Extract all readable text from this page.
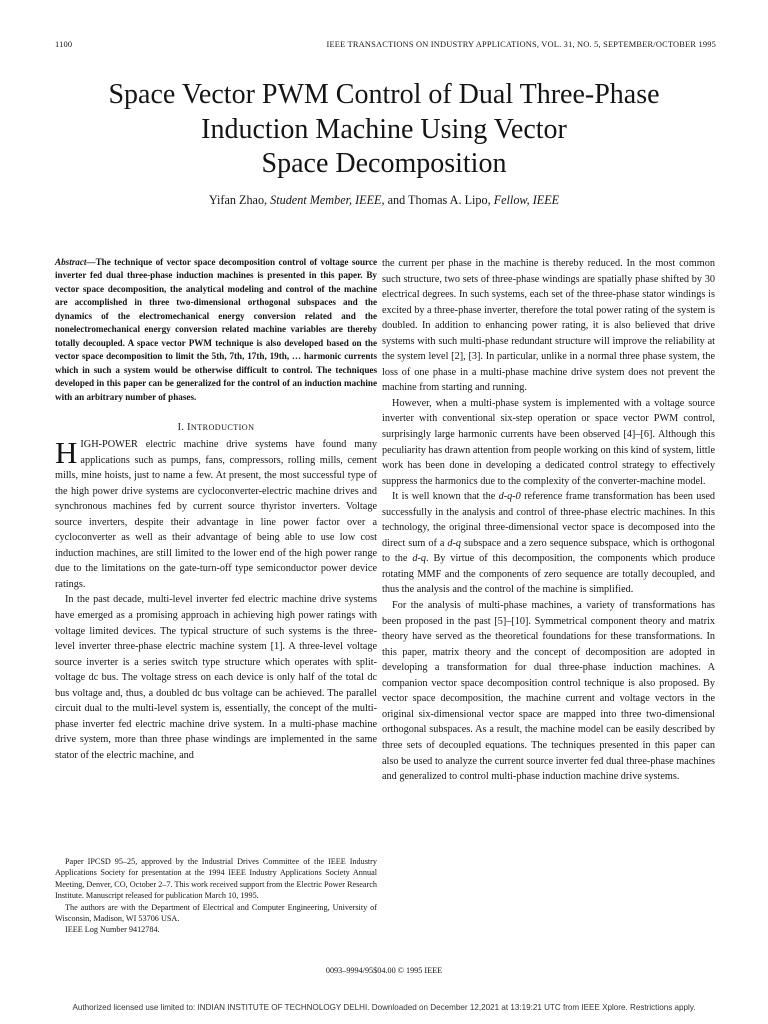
1100	IEEE TRANSACTIONS ON INDUSTRY APPLICATIONS, VOL. 31, NO. 5, SEPTEMBER/OCTOBER 1995
Space Vector PWM Control of Dual Three-Phase
Induction Machine Using Vector
Space Decomposition
Yifan Zhao, Student Member, IEEE, and Thomas A. Lipo, Fellow, IEEE

Abstract—The technique of vector space decomposition control of voltage source inverter fed dual three-phase induction machines is presented in this paper. By vector space decomposition, the analytical modeling and control of the machine are accomplished in three two-dimensional orthogonal subspaces and the dynamics of the electromechanical energy conversion related and the nonelectromechanical energy conversion related machine variables are thereby totally decoupled. A space vector PWM technique is also developed based on the vector space decomposition to limit the 5th, 7th, 17th, 19th, … harmonic currents which in such a system would be otherwise difficult to control. The techniques developed in this paper can be generalized for the control of an induction machine with an arbitrary number of phases.

I. INTRODUCTION

HIGH-POWER electric machine drive systems have found many applications such as pumps, fans, compressors, rolling mills, cement mills, mine hoists, just to name a few. At present, the most successful type of the high power drive systems are cycloconverter-electric machine drives and synchronous machines fed by current source thyristor inverters. Voltage source inverters, despite their advantage in line power factor over a cycloconverter as well as their advantage of being able to use low cost induction machines, are still limited to the lower end of the high power range due to the limitations on the gate-turn-off type semiconductor power device ratings.

In the past decade, multi-level inverter fed electric machine drive systems have emerged as a promising approach in achieving high power ratings with voltage limited devices. The typical structure of such systems is the three-level inverter three-phase electric machine system [1]. A three-level voltage source inverter is a series switch type structure which operates with split-voltage dc bus. The voltage stress on each device is only half of the total dc bus voltage and, thus, a doubled dc bus voltage can be achieved. The parallel circuit dual to the multi-level system is, essentially, the concept of the multi-phase inverter fed electric machine drive system. In a multi-phase machine drive system, more than three phase windings are implemented in the same stator of the electric machine, and

Paper IPCSD 95–25, approved by the Industrial Drives Committee of the IEEE Industry Applications Society for presentation at the 1994 IEEE Industry Applications Society Annual Meeting, Denver, CO, October 2–7. This work received support from the Electric Power Research Institute. Manuscript released for publication March 10, 1995.

The authors are with the Department of Electrical and Computer Engineering, University of Wisconsin, Madison, WI 53706 USA.

IEEE Log Number 9412784.

the current per phase in the machine is thereby reduced. In the most common such structure, two sets of three-phase windings are spatially phase shifted by 30 electrical degrees. In such systems, each set of the three-phase stator windings is excited by a three-phase inverter, therefore the total power rating of the system is doubled. In addition to enhancing power rating, it is also believed that drive systems with such multi-phase redundant structure will improve the reliability at the system level [2], [3]. In particular, unlike in a normal three phase system, the loss of one phase in a multi-phase machine drive system does not prevent the machine from starting and running.

However, when a multi-phase system is implemented with a voltage source inverter with conventional six-step operation or space vector PWM control, surprisingly large harmonic currents have been observed [4]–[6]. Although this peculiarity has drawn attention from people working on this kind of system, little work has been done in developing a dedicated control strategy to effectively suppress the harmonics due to the complexity of the converter-machine model.

It is well known that the d-q-0 reference frame transformation has been used successfully in the analysis and control of three-phase electric machines. In this technology, the original three-dimensional vector space is decomposed into the direct sum of a d-q subspace and a zero sequence subspace, which is orthogonal to the d-q. By virtue of this decomposition, the components which produce rotating MMF and the components of zero sequence are totally decoupled, and thus the analysis and the control of the machine is simplified.

For the analysis of multi-phase machines, a variety of transformations has been proposed in the past [5]–[10]. Symmetrical component theory and matrix theory have served as the theoretical foundations for these transformations. In this paper, matrix theory and the concept of decomposition are adopted in developing a transformation for dual three-phase induction machines. A companion vector space decomposition control technique is also proposed. By vector space decomposition, the machine current and voltage vectors in the original six-dimensional vector space are mapped into three two-dimensional orthogonal subspaces. As a result, the machine model can be easily described by three sets of decoupled equations. The techniques presented in this paper can also be used to analyze the current source inverter fed dual three-phase machines and generalized to control multi-phase induction machine drive systems.

0093–9994/95$04.00 © 1995 IEEE
Authorized licensed use limited to: INDIAN INSTITUTE OF TECHNOLOGY DELHI. Downloaded on December 12,2021 at 13:19:21 UTC from IEEE Xplore. Restrictions apply.
